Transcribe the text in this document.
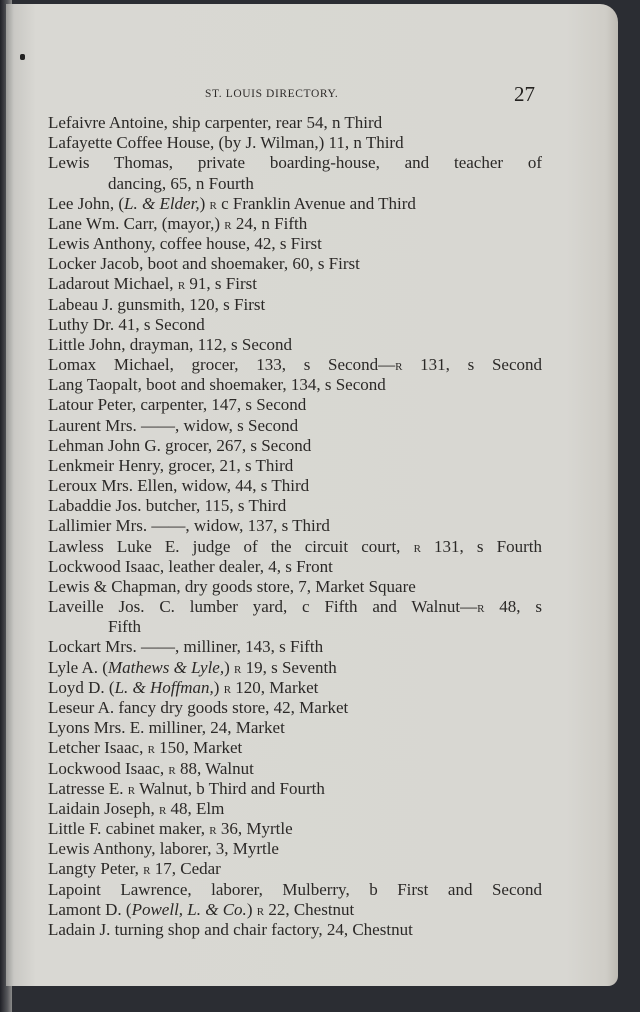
ST. LOUIS DIRECTORY.	27
Lefaivre Antoine, ship carpenter, rear 54, n Third
Lafayette Coffee House, (by J. Wilman,) 11, n Third
Lewis Thomas, private boarding-house, and teacher of
dancing, 65, n Fourth
Lee John, (L. & Elder,) R c Franklin Avenue and Third
Lane Wm. Carr, (mayor,) R 24, n Fifth
Lewis Anthony, coffee house, 42, s First
Locker Jacob, boot and shoemaker, 60, s First
Ladarout Michael, R 91, s First
Labeau J. gunsmith, 120, s First
Luthy Dr. 41, s Second
Little John, drayman, 112, s Second
Lomax Michael, grocer, 133, s Second—R 131, s Second
Lang Taopalt, boot and shoemaker, 134, s Second
Latour Peter, carpenter, 147, s Second
Laurent Mrs. ——, widow, s Second
Lehman John G. grocer, 267, s Second
Lenkmeir Henry, grocer, 21, s Third
Leroux Mrs. Ellen, widow, 44, s Third
Labaddie Jos. butcher, 115, s Third
Lallimier Mrs. ——, widow, 137, s Third
Lawless Luke E. judge of the circuit court, R 131, s Fourth
Lockwood Isaac, leather dealer, 4, s Front
Lewis & Chapman, dry goods store, 7, Market Square
Laveille Jos. C. lumber yard, c Fifth and Walnut—R 48, s
Fifth
Lockart Mrs. ——, milliner, 143, s Fifth
Lyle A. (Mathews & Lyle,) R 19, s Seventh
Loyd D. (L. & Hoffman,) R 120, Market
Leseur A. fancy dry goods store, 42, Market
Lyons Mrs. E. milliner, 24, Market
Letcher Isaac, R 150, Market
Lockwood Isaac, R 88, Walnut
Latresse E. R Walnut, b Third and Fourth
Laidain Joseph, R 48, Elm
Little F. cabinet maker, R 36, Myrtle
Lewis Anthony, laborer, 3, Myrtle
Langty Peter, R 17, Cedar
Lapoint Lawrence, laborer, Mulberry, b First and Second
Lamont D. (Powell, L. & Co.) R 22, Chestnut
Ladain J. turning shop and chair factory, 24, Chestnut
